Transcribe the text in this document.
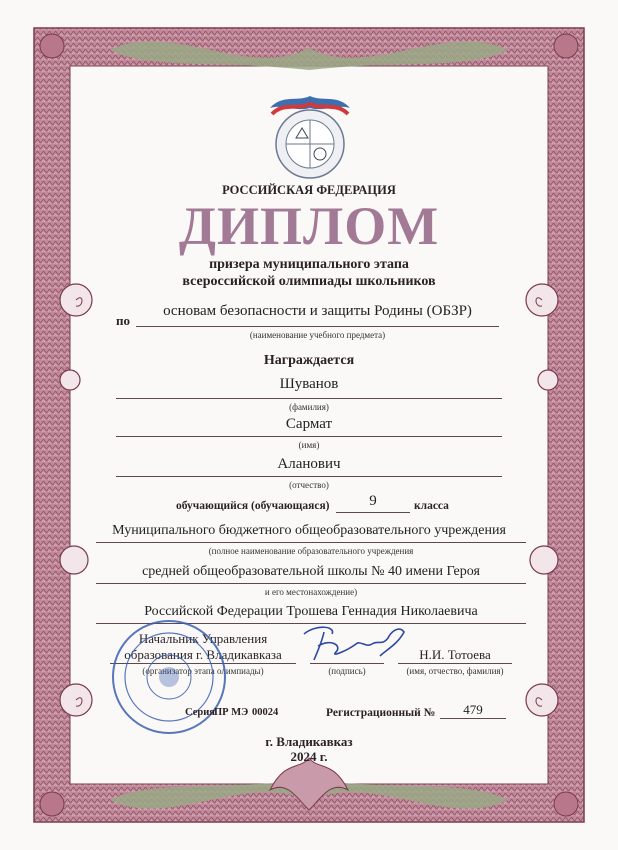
РОССИЙСКАЯ ФЕДЕРАЦИЯ

ДИПЛОМ

призера муниципального этапа

всероссийской олимпиады школьников

по
основам безопасности и защиты Родины (ОБЗР)
(наименование учебного предмета)

Награждается

Шуванов
(фамилия)
Сармат
(имя)
Аланович
(отчество)
обучающийся (обучающаяся)	9	класса
Муниципального бюджетного общеобразовательного учреждения
(полное наименование образовательного учреждения
средней общеобразовательной школы № 40 имени Героя
и его местонахождение)
Российской Федерации Трошева Геннадия Николаевича
Начальник Управления
образования г. Владикавказа
(организатор этапа олимпиады)	(подпись)
Н.И. Тотоева
(имя, отчество, фамилия)
Серия ПР МЭ 00024	Регистрационный №	479

г. Владикавказ

2024 г.
